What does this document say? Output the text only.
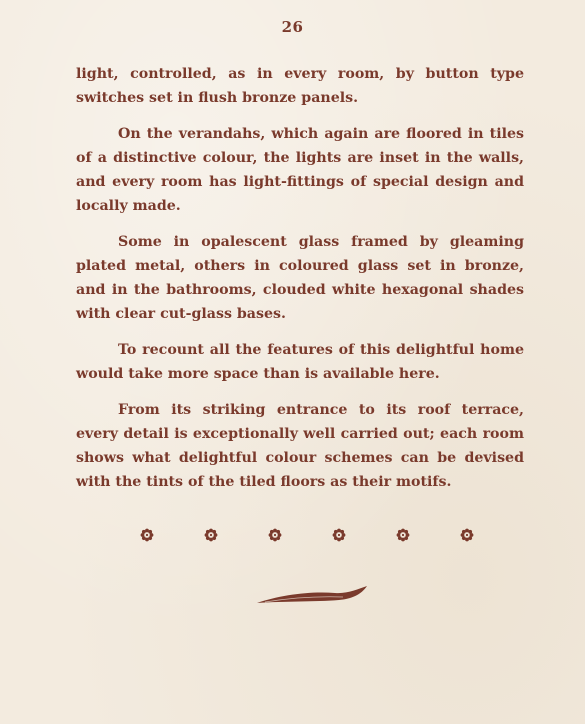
26

light, controlled, as in every room, by button type switches set in flush bronze panels.

On the verandahs, which again are floored in tiles of a distinctive colour, the lights are inset in the walls, and every room has light-fittings of special design and locally made.

Some in opalescent glass framed by gleaming plated metal, others in coloured glass set in bronze, and in the bathrooms, clouded white hexagonal shades with clear cut-glass bases.

To recount all the features of this delightful home would take more space than is available here.

From its striking entrance to its roof terrace, every detail is exceptionally well carried out; each room shows what delightful colour schemes can be devised with the tints of the tiled floors as their motifs.
